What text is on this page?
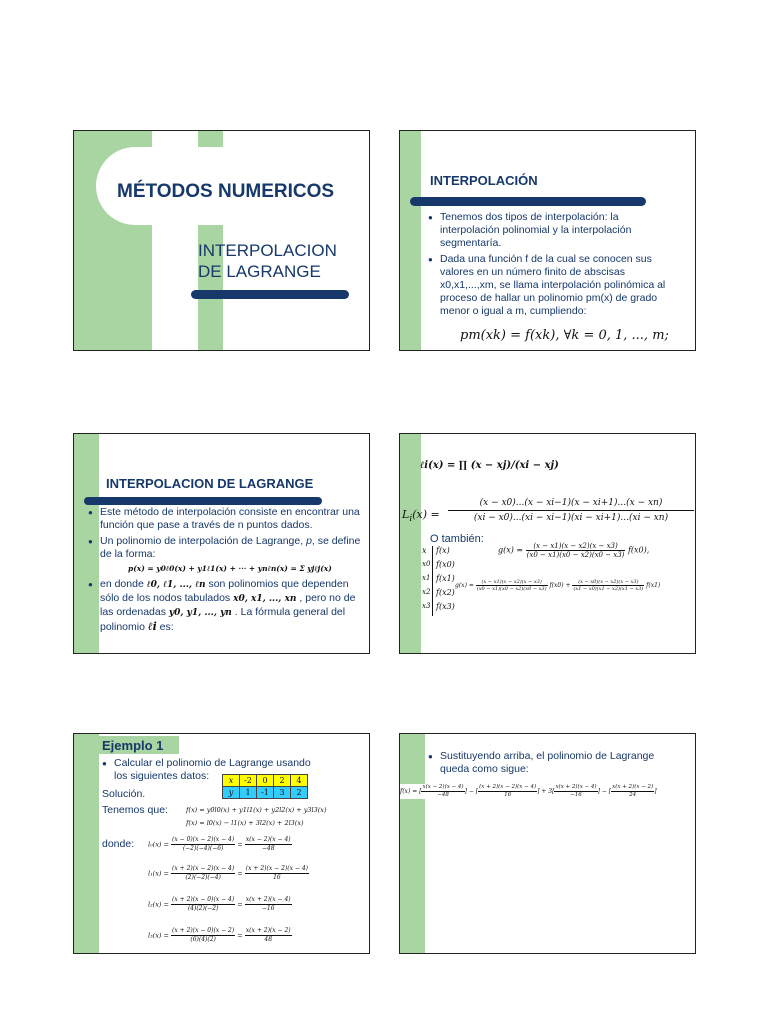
MÉTODOS NUMERICOS
INTERPOLACION
DE LAGRANGE
INTERPOLACIÓN
● Tenemos dos tipos de interpolación: la interpolación polinomial y la interpolación segmentaría.
● Dada una función f de la cual se conocen sus valores en un número finito de abscisas x0,x1,...,xm, se llama interpolación polinómica al proceso de hallar un polinomio pm(x) de grado menor o igual a m, cumpliendo:
pm(xk) = f(xk), ∀k = 0, 1, ..., m;
INTERPOLACION DE LAGRANGE
● Este método de interpolación consiste en encontrar una función que pase a través de n puntos dados.
● Un polinomio de interpolación de Lagrange, p, se define de la forma:
p(x) = y0ℓ0(x) + y1ℓ1(x) + ··· + ynℓn(x) = Σ yjℓj(x)
● en donde ℓ0, ℓ1, ..., ℓn son polinomios que dependen sólo de los nodos tabulados x0, x1, ..., xn , pero no de las ordenadas y0, y1, ..., yn . La fórmula general del polinomio ℓi es:
ℓi(x) = ∏ (x − xj)/(xi − xj)
$L_i(x) = \frac{(x - x0)...(x - xi-1)(x - xi+1)...(x - xn)}{(xi - x0)...(xi - xi-1)(xi - xi+1)...(xi - xn)}$
O también:
x	f(x)
x0 f(x0)
x1 f(x1)
x2 f(x2)
x3 f(x3)
$g(x) = \frac{(x - x1)(x - x2)(x - x3)}{(x0 - x1)(x0 - x2)(x0 - x3)} f(x0)$,
$g(x) = \frac{(x - x1)(x - x2)(x - x3)}{(x0 - x1)(x0 - x2)(x0 - x3)} f(x0) + \frac{(x - x0)(x - x2)(x - x3)}{(x1 - x0)(x1 - x2)(x1 - x3)} f(x1)$
Ejemplo 1
● Calcular el polinomio de Lagrange usando los siguientes datos:	x	-2	0	2	4
y	1	-1	3	2
Solución.
Tenemos que:	f(x) = y0l0(x) + y1l1(x) + y2l2(x) + y3l3(x)
f(x) = l0(x) − l1(x) + 3l2(x) + 2l3(x)
donde: $l_0(x) = \frac{(x - 0)(x - 2)(x - 4)}{(-2)(-4)(-6)} = \frac{x(x - 2)(x - 4)}{-48}$
$l_1(x) = \frac{(x + 2)(x - 2)(x - 4)}{(2)(-2)(-4)} = \frac{(x + 2)(x - 2)(x - 4)}{16}$
$l_2(x) = \frac{(x + 2)(x - 0)(x - 4)}{(4)(2)(-2)} = \frac{x(x + 2)(x - 4)}{-16}$
$l_3(x) = \frac{(x + 2)(x - 0)(x - 2)}{(6)(4)(2)} = \frac{x(x + 2)(x - 2)}{48}$
● Sustituyendo arriba, el polinomio de Lagrange queda como sigue:
f(x) = [ $\frac{x(x - 2)(x - 4)}{-48}$ ] − [ $\frac{(x + 2)(x - 2)(x - 4)}{16}$ ] + $3[ \frac{x(x + 2)(x - 4)}{-16}$ ] − [ $\frac{x(x + 2)(x - 2)}{24}$ ]
